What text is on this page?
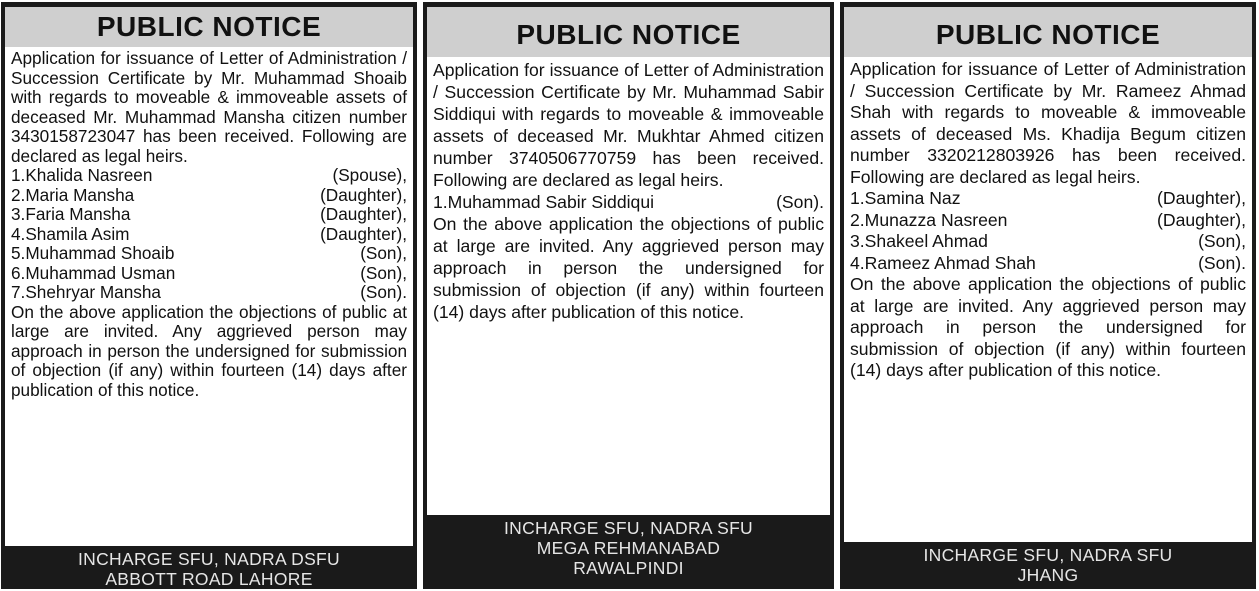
PUBLIC NOTICE
Application for issuance of Letter of Administration / Succession Certificate by Mr. Muhammad Shoaib with regards to moveable & immoveable assets of deceased Mr. Muhammad Mansha citizen number 3430158723047 has been received. Following are declared as legal heirs.
1.Khalida Nasreen	(Spouse),
2.Maria Mansha	(Daughter),
3.Faria Mansha	(Daughter),
4.Shamila Asim	(Daughter),
5.Muhammad Shoaib	(Son),
6.Muhammad Usman	(Son),
7.Shehryar Mansha	(Son).
On the above application the objections of public at large are invited. Any aggrieved person may approach in person the undersigned for submission of objection (if any) within fourteen (14) days after publication of this notice.
INCHARGE SFU, NADRA DSFU
ABBOTT ROAD LAHORE
PUBLIC NOTICE
Application for issuance of Letter of Administration / Succession Certificate by Mr. Muhammad Sabir Siddiqui with regards to moveable & immoveable assets of deceased Mr. Mukhtar Ahmed citizen number 3740506770759 has been received. Following are declared as legal heirs.
1.Muhammad Sabir Siddiqui	(Son).
On the above application the objections of public at large are invited. Any aggrieved person may approach in person the undersigned for submission of objection (if any) within fourteen (14) days after publication of this notice.
INCHARGE SFU, NADRA SFU
MEGA REHMANABAD
RAWALPINDI
PUBLIC NOTICE
Application for issuance of Letter of Administration / Succession Certificate by Mr. Rameez Ahmad Shah with regards to moveable & immoveable assets of deceased Ms. Khadija Begum citizen number 3320212803926 has been received. Following are declared as legal heirs.
1.Samina Naz	(Daughter),
2.Munazza Nasreen	(Daughter),
3.Shakeel Ahmad	(Son),
4.Rameez Ahmad Shah	(Son).
On the above application the objections of public at large are invited. Any aggrieved person may approach in person the undersigned for submission of objection (if any) within fourteen (14) days after publication of this notice.
INCHARGE SFU, NADRA SFU
JHANG
